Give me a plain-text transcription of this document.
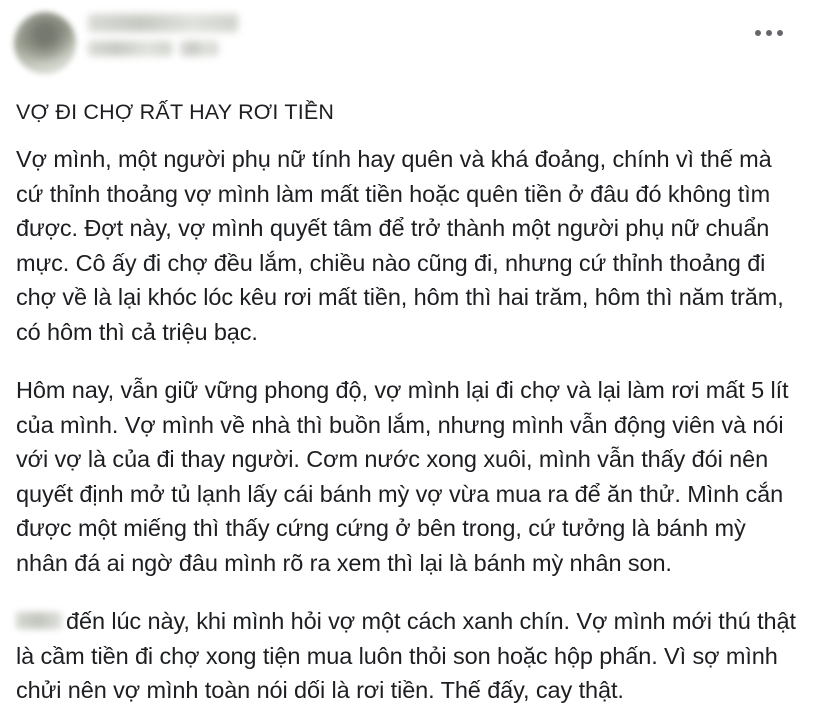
VỢ ĐI CHỢ RẤT HAY RƠI TIỀN

Vợ mình, một người phụ nữ tính hay quên và khá đoảng, chính vì thế mà cứ thỉnh thoảng vợ mình làm mất tiền hoặc quên tiền ở đâu đó không tìm được. Đợt này, vợ mình quyết tâm để trở thành một người phụ nữ chuẩn mực. Cô ấy đi chợ đều lắm, chiều nào cũng đi, nhưng cứ thỉnh thoảng đi chợ về là lại khóc lóc kêu rơi mất tiền, hôm thì hai trăm, hôm thì năm trăm, có hôm thì cả triệu bạc.

Hôm nay, vẫn giữ vững phong độ, vợ mình lại đi chợ và lại làm rơi mất 5 lít của mình. Vợ mình về nhà thì buồn lắm, nhưng mình vẫn động viên và nói với vợ là của đi thay người. Cơm nước xong xuôi, mình vẫn thấy đói nên quyết định mở tủ lạnh lấy cái bánh mỳ vợ vừa mua ra để ăn thử. Mình cắn được một miếng thì thấy cứng cứng ở bên trong, cứ tưởng là bánh mỳ nhân đá ai ngờ đâu mình rõ ra xem thì lại là bánh mỳ nhân son.

đến lúc này, khi mình hỏi vợ một cách xanh chín. Vợ mình mới thú thật là cầm tiền đi chợ xong tiện mua luôn thỏi son hoặc hộp phấn. Vì sợ mình chửi nên vợ mình toàn nói dối là rơi tiền. Thế đấy, cay thật.
